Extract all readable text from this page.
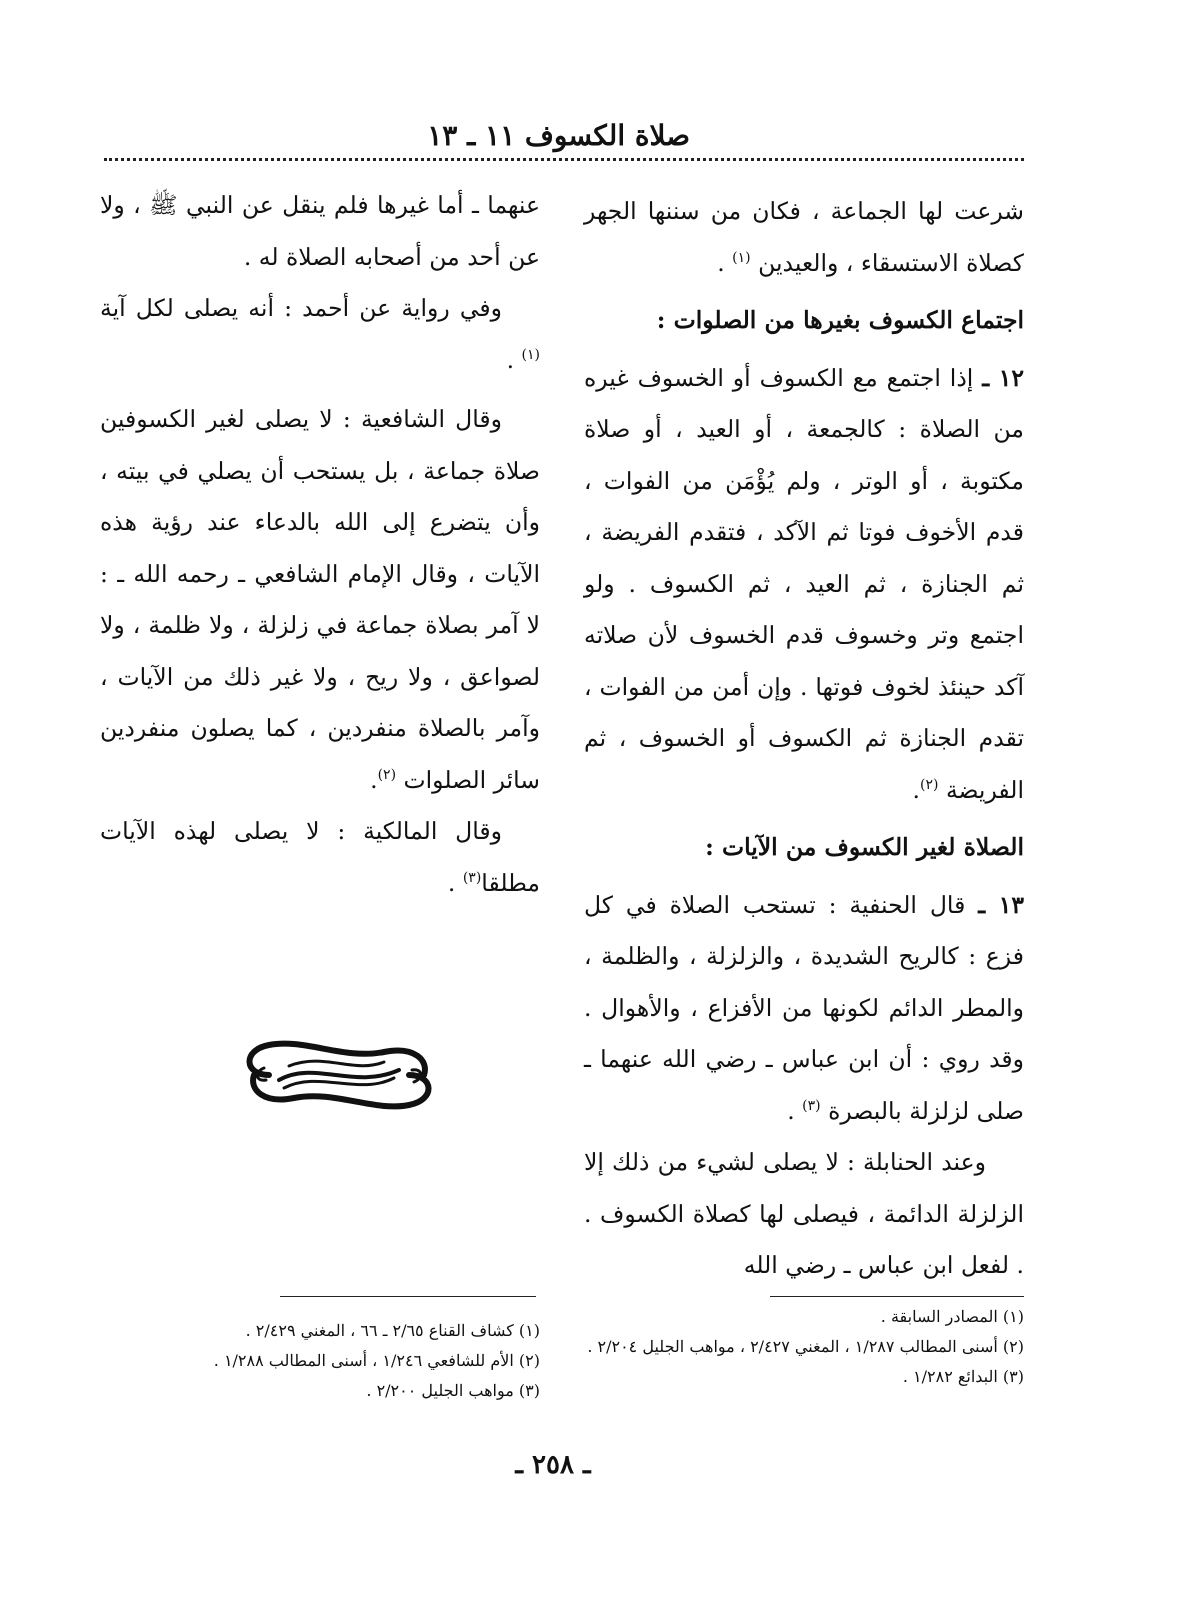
صلاة الكسوف ١١ ـ ١٣

شرعت لها الجماعة ، فكان من سننها الجهر كصلاة الاستسقاء ، والعيدين $^{(١)}$ .

اجتماع الكسوف بغيرها من الصلوات :

١٢ ـ إذا اجتمع مع الكسوف أو الخسوف غيره من الصلاة : كالجمعة ، أو العيد ، أو صلاة مكتوبة ، أو الوتر ، ولم يُؤْمَن من الفوات ، قدم الأخوف فوتا ثم الآكد ، فتقدم الفريضة ، ثم الجنازة ، ثم العيد ، ثم الكسوف . ولو اجتمع وتر وخسوف قدم الخسوف لأن صلاته آكد حينئذ لخوف فوتها . وإن أمن من الفوات ، تقدم الجنازة ثم الكسوف أو الخسوف ، ثم الفريضة $^{(٢)}$.

الصلاة لغير الكسوف من الآيات :

١٣ ـ قال الحنفية : تستحب الصلاة في كل فزع : كالريح الشديدة ، والزلزلة ، والظلمة ، والمطر الدائم لكونها من الأفزاع ، والأهوال . وقد روي : أن ابن عباس ـ رضي الله عنهما ـ صلى لزلزلة بالبصرة $^{(٣)}$ .

وعند الحنابلة : لا يصلى لشيء من ذلك إلا الزلزلة الدائمة ، فيصلى لها كصلاة الكسوف . . لفعل ابن عباس ـ رضي الله

عنهما ـ أما غيرها فلم ينقل عن النبي ﷺ ، ولا عن أحد من أصحابه الصلاة له .

وفي رواية عن أحمد : أنه يصلى لكل آية $^{(١)}$ .

وقال الشافعية : لا يصلى لغير الكسوفين صلاة جماعة ، بل يستحب أن يصلي في بيته ، وأن يتضرع إلى الله بالدعاء عند رؤية هذه الآيات ، وقال الإمام الشافعي ـ رحمه الله ـ : لا آمر بصلاة جماعة في زلزلة ، ولا ظلمة ، ولا لصواعق ، ولا ريح ، ولا غير ذلك من الآيات ، وآمر بالصلاة منفردين ، كما يصلون منفردين سائر الصلوات $^{(٢)}$.

وقال المالكية : لا يصلى لهذه الآيات مطلقا$^{(٣)}$ .

(١) المصادر السابقة .
(٢) أسنى المطالب ١/٢٨٧ ، المغني ٢/٤٢٧ ، مواهب الجليل ٢/٢٠٤ .
(٣) البدائع ١/٢٨٢ .
(١) كشاف القناع ٢/٦٥ ـ ٦٦ ، المغني ٢/٤٢٩ .
(٢) الأم للشافعي ١/٢٤٦ ، أسنى المطالب ١/٢٨٨ .
(٣) مواهب الجليل ٢/٢٠٠ .
ـ ٢٥٨ ـ
